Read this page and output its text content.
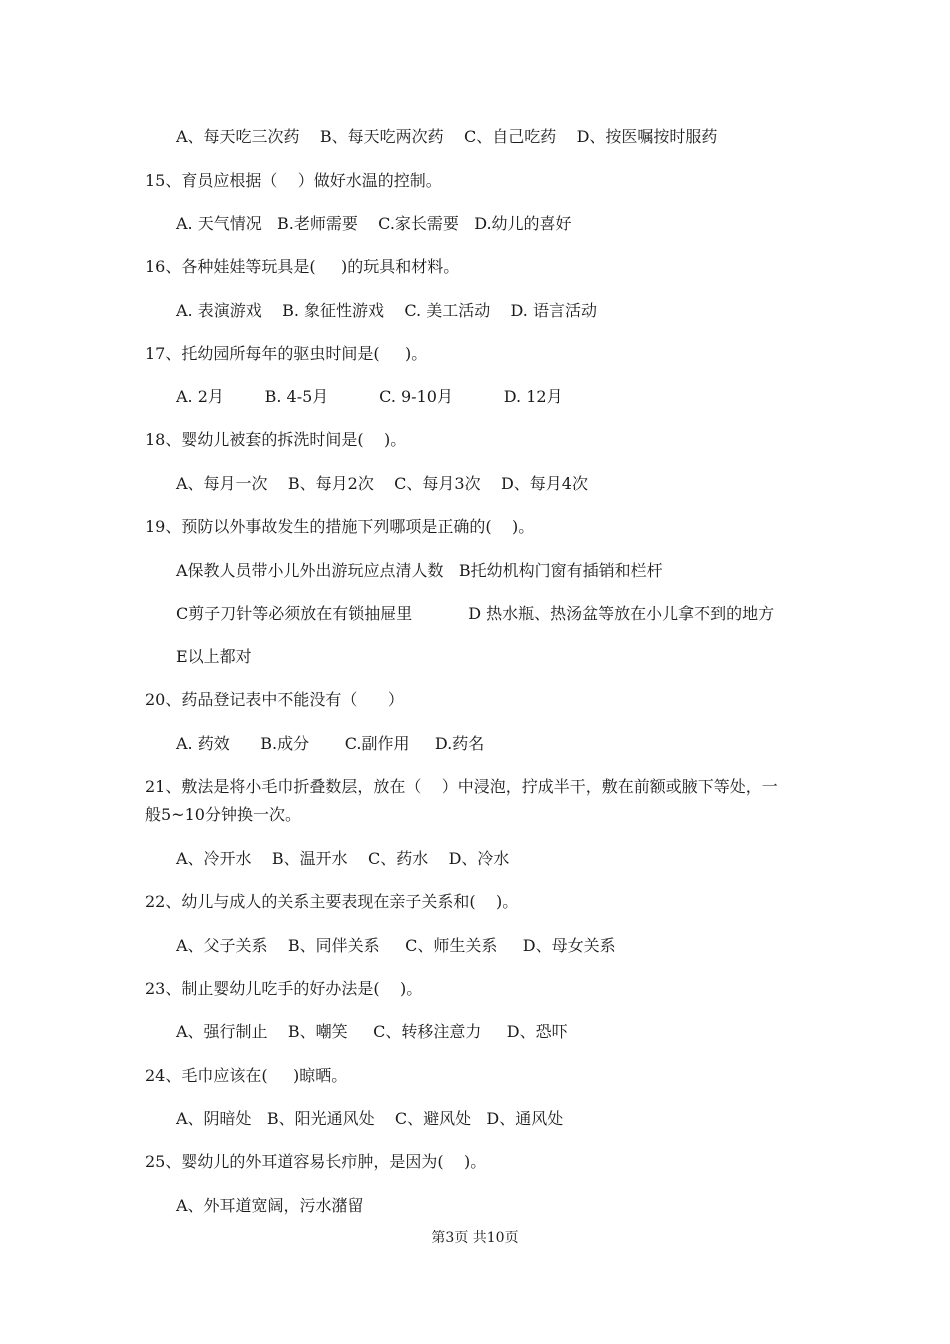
A、每天吃三次药    B、每天吃两次药    C、自己吃药    D、按医嘱按时服药
15、育员应根据（    ）做好水温的控制。
A. 天气情况   B.老师需要    C.家长需要   D.幼儿的喜好
16、各种娃娃等玩具是(     )的玩具和材料。
A. 表演游戏    B. 象征性游戏    C. 美工活动    D. 语言活动
17、托幼园所每年的驱虫时间是(     )。
A. 2月        B. 4-5月          C. 9-10月          D. 12月
18、婴幼儿被套的拆洗时间是(    )。
A、每月一次    B、每月2次    C、每月3次    D、每月4次
19、预防以外事故发生的措施下列哪项是正确的(    )。
A保教人员带小儿外出游玩应点清人数   B托幼机构门窗有插销和栏杆
C剪子刀针等必须放在有锁抽屉里           D 热水瓶、热汤盆等放在小儿拿不到的地方
E以上都对
20、药品登记表中不能没有（      ）
A. 药效      B.成分       C.副作用     D.药名
21、敷法是将小毛巾折叠数层，放在（    ）中浸泡，拧成半干，敷在前额或腋下等处，一
般5~10分钟换一次。
A、冷开水    B、温开水    C、药水    D、冷水
22、幼儿与成人的关系主要表现在亲子关系和(    )。
A、父子关系    B、同伴关系     C、师生关系     D、母女关系
23、制止婴幼儿吃手的好办法是(    )。
A、强行制止    B、嘲笑     C、转移注意力     D、恐吓
24、毛巾应该在(     )晾晒。
A、阴暗处   B、阳光通风处    C、避风处   D、通风处
25、婴幼儿的外耳道容易长疖肿，是因为(    )。
A、外耳道宽阔，污水潴留
第3页 共10页
